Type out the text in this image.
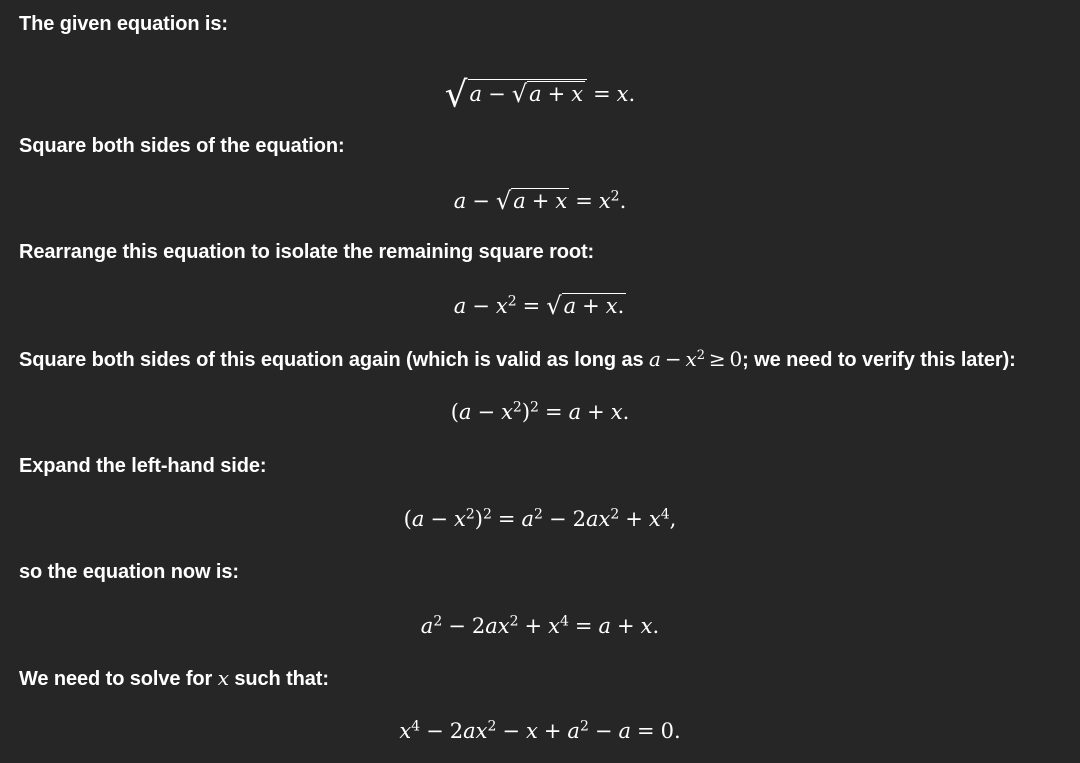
The given equation is:
√a − √a + x = x.
Square both sides of the equation:
$a - √a + x = x^2$.
Rearrange this equation to isolate the remaining square root:
$a - x^2 = √a + x$.
Square both sides of this equation again (which is valid as long as $a - x^2 \ge 0$; we need to verify this later):
$(a - x^2)^2 = a + x$.
Expand the left-hand side:
$(a - x^2)^2 = a^2 - 2ax^2 + x^4$,
so the equation now is:
$a^2 - 2ax^2 + x^4 = a + x$.
We need to solve for x such that:
$x^4 - 2ax^2 - x + a^2 - a = 0$.
